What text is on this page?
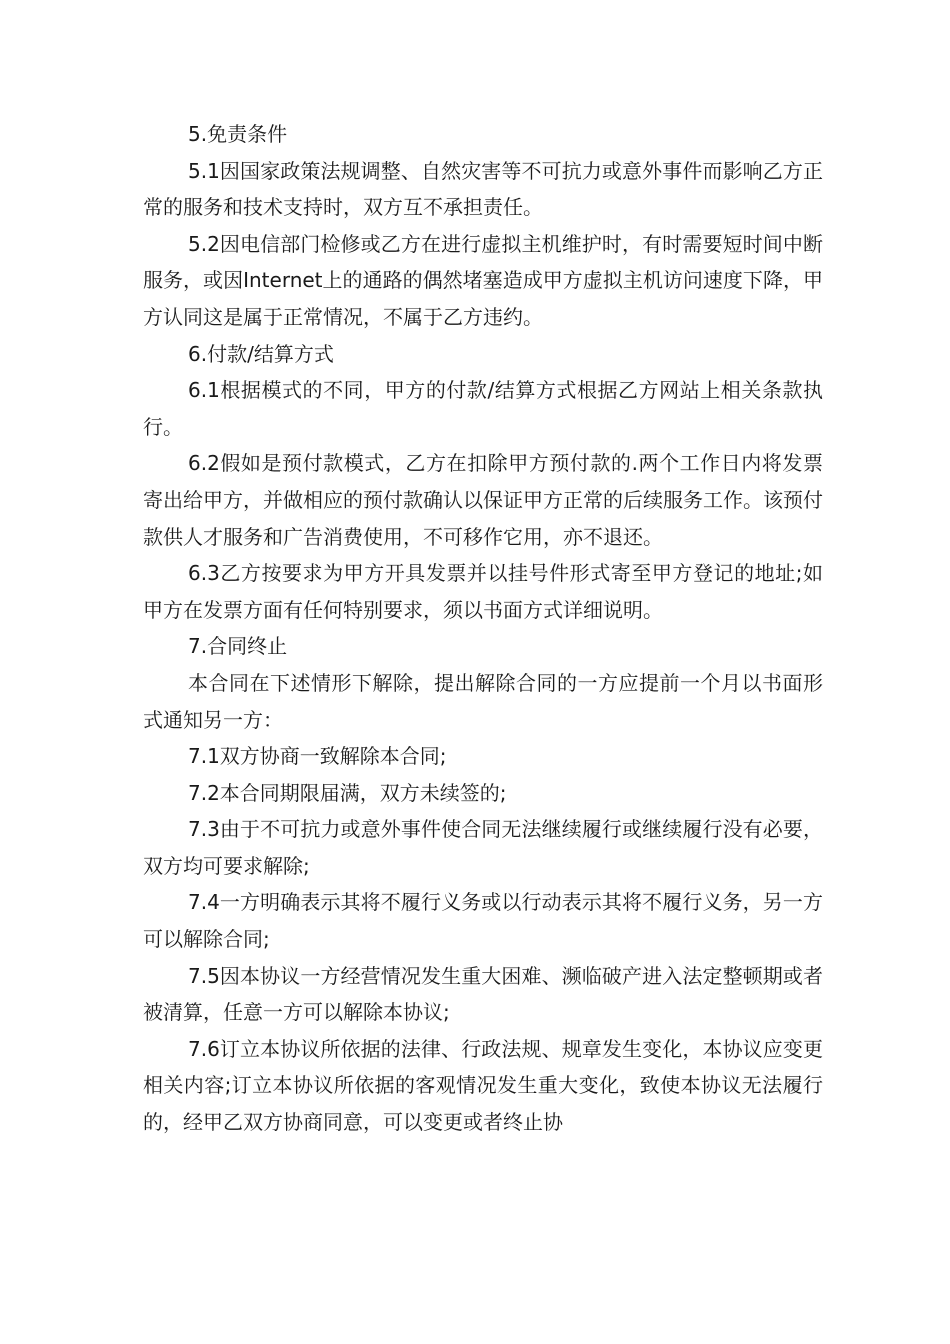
5.免责条件

5.1因国家政策法规调整、自然灾害等不可抗力或意外事件而影响乙方正常的服务和技术支持时，双方互不承担责任。

5.2因电信部门检修或乙方在进行虚拟主机维护时，有时需要短时间中断服务，或因Internet上的通路的偶然堵塞造成甲方虚拟主机访问速度下降，甲方认同这是属于正常情况，不属于乙方违约。

6.付款/结算方式

6.1根据模式的不同，甲方的付款/结算方式根据乙方网站上相关条款执行。

6.2假如是预付款模式，乙方在扣除甲方预付款的.两个工作日内将发票寄出给甲方，并做相应的预付款确认以保证甲方正常的后续服务工作。该预付款供人才服务和广告消费使用，不可移作它用，亦不退还。

6.3乙方按要求为甲方开具发票并以挂号件形式寄至甲方登记的地址;如甲方在发票方面有任何特别要求，须以书面方式详细说明。

7.合同终止

本合同在下述情形下解除，提出解除合同的一方应提前一个月以书面形式通知另一方：

7.1双方协商一致解除本合同;

7.2本合同期限届满，双方未续签的;

7.3由于不可抗力或意外事件使合同无法继续履行或继续履行没有必要，双方均可要求解除;

7.4一方明确表示其将不履行义务或以行动表示其将不履行义务，另一方可以解除合同;

7.5因本协议一方经营情况发生重大困难、濒临破产进入法定整顿期或者被清算，任意一方可以解除本协议;

7.6订立本协议所依据的法律、行政法规、规章发生变化，本协议应变更相关内容;订立本协议所依据的客观情况发生重大变化，致使本协议无法履行的，经甲乙双方协商同意，可以变更或者终止协
